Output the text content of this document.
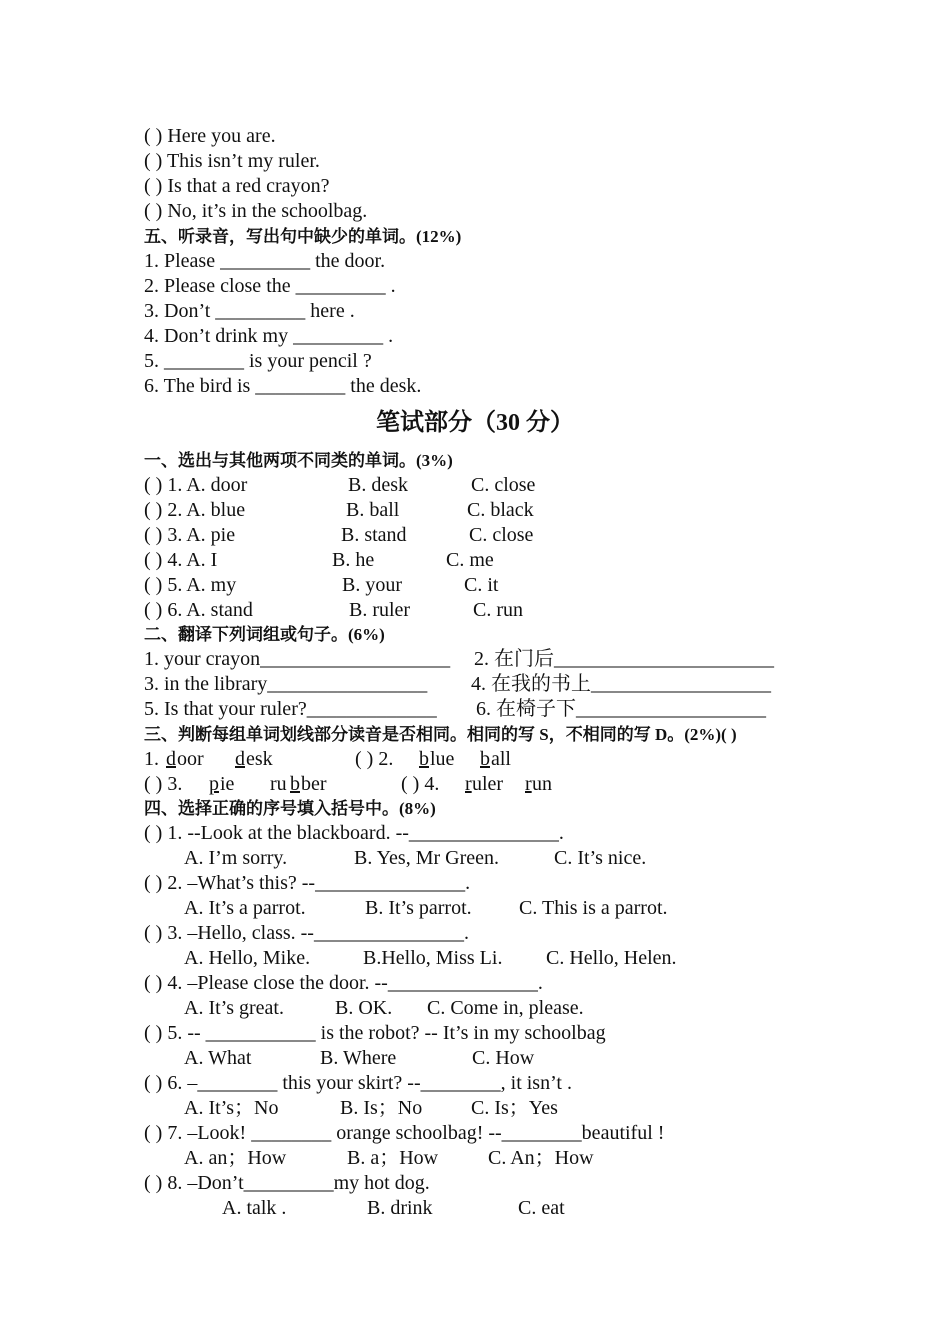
笔试部分（30 分）
( ) Here you are.
( ) This isn’t my ruler.
( ) Is that a red crayon?
( ) No, it’s in the schoolbag.
五、听录音，写出句中缺少的单词。(12%)
1. Please _________ the door.
2. Please close the _________ .
3. Don’t _________ here .
4. Don’t drink my _________ .
5. ________ is your pencil ?
6. The bird is _________ the desk.
一、选出与其他两项不同类的单词。(3%)
( ) 1. A. door	B. desk	C. close
( ) 2. A. blue	B. ball	C. black
( ) 3. A. pie	B. stand	C. close
( ) 4. A. I	B. he	C. me
( ) 5. A. my	B. your	C. it
( ) 6. A. stand	B. ruler	C. run
二、翻译下列词组或句子。(6%)
1. your crayon___________________ 2. 在门后______________________
3. in the library________________ 4. 在我的书上__________________
5. Is that your ruler?_____________ 6. 在椅子下___________________
三、判断每组单词划线部分读音是否相同。相同的写 S，不相同的写 D。(2%)( )
1. d oor d esk	( ) 2. b lue b all
( ) 3. p ie ru b ber	( ) 4. r uler r un
四、选择正确的序号填入括号中。(8%)
( ) 1. --Look at the blackboard. --_______________.
A. I’m sorry.	B. Yes, Mr Green.	C. It’s nice.
( ) 2. –What’s this? --_______________.
A. It’s a parrot.	B. It’s parrot. C. This is a parrot.
( ) 3. –Hello, class. --_______________.
A. Hello, Mike.	B.Hello, Miss Li. C. Hello, Helen.
( ) 4. –Please close the door. --_______________.
A. It’s great.	B. OK. C. Come in, please.
( ) 5. -- ___________ is the robot? -- It’s in my schoolbag
A. What	B. Where	C. How
( ) 6. –________ this your skirt? --________, it isn’t .
A. It’s；No	B. Is；No C. Is；Yes
( ) 7. –Look! ________ orange schoolbag! --________beautiful !
A. an；How	B. a；How C. An；How
( ) 8. –Don’t_________my hot dog.
A. talk .	B. drink	C. eat
